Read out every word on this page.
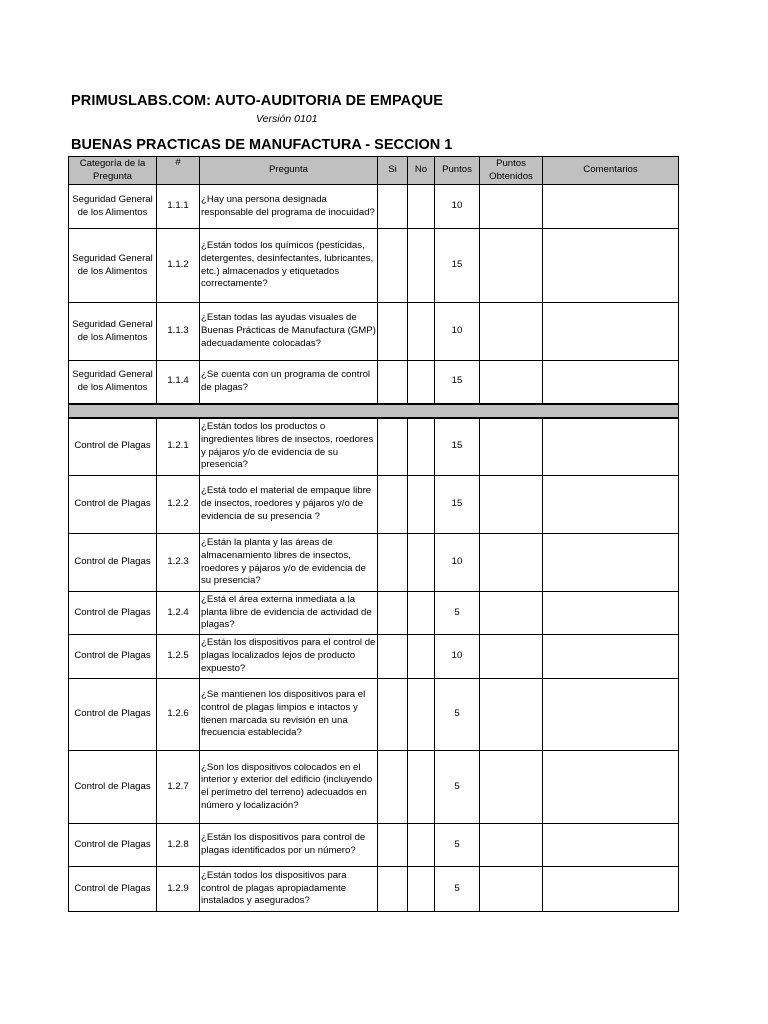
PRIMUSLABS.COM: AUTO-AUDITORIA DE EMPAQUE
Versión 0101
BUENAS PRACTICAS DE MANUFACTURA - SECCION 1
Categoría de la Pregunta	#	Pregunta	Si	No	Puntos	Puntos Obtenidos	Comentarios
Seguridad General de los Alimentos	1.1.1	¿Hay una persona designada responsable del programa de inocuidad?			10		
Seguridad General de los Alimentos	1.1.2	¿Están todos los químicos (pesticidas, detergentes, desinfectantes, lubricantes, etc.) almacenados y etiquetados correctamente?			15		
Seguridad General de los Alimentos	1.1.3	¿Estan todas las ayudas visuales de Buenas Prácticas de Manufactura (GMP) adecuadamente colocadas?			10		
Seguridad General de los Alimentos	1.1.4	¿Se cuenta con un programa de control de plagas?			15		

Control de Plagas	1.2.1	¿Están todos los productos o ingredientes libres de insectos, roedores y pájaros y/o de evidencia de su presencia?			15		
Control de Plagas	1.2.2	¿Está todo el material de empaque libre de insectos, roedores y pájaros y/o de evidencia de su presencia ?			15		
Control de Plagas	1.2.3	¿Están la planta y las áreas de almacenamiento libres de insectos, roedores y pájaros y/o de evidencia de su presencia?			10		
Control de Plagas	1.2.4	¿Está el área externa inmediata a la planta libre de evidencia de actividad de plagas?			5		
Control de Plagas	1.2.5	¿Están los dispositivos para el control de plagas localizados lejos de producto expuesto?			10		
Control de Plagas	1.2.6	¿Se mantienen los dispositivos para el control de plagas limpios e intactos y tienen marcada su revisión en una frecuencia establecida?			5		
Control de Plagas	1.2.7	¿Son los dispositivos colocados en el interior y exterior del edificio (incluyendo el perímetro del terreno) adecuados en número y localización?			5		
Control de Plagas	1.2.8	¿Están los dispositivos para control de plagas identificados por un número?			5		
Control de Plagas	1.2.9	¿Están todos los dispositivos para control de plagas apropiadamente instalados y asegurados?			5		
